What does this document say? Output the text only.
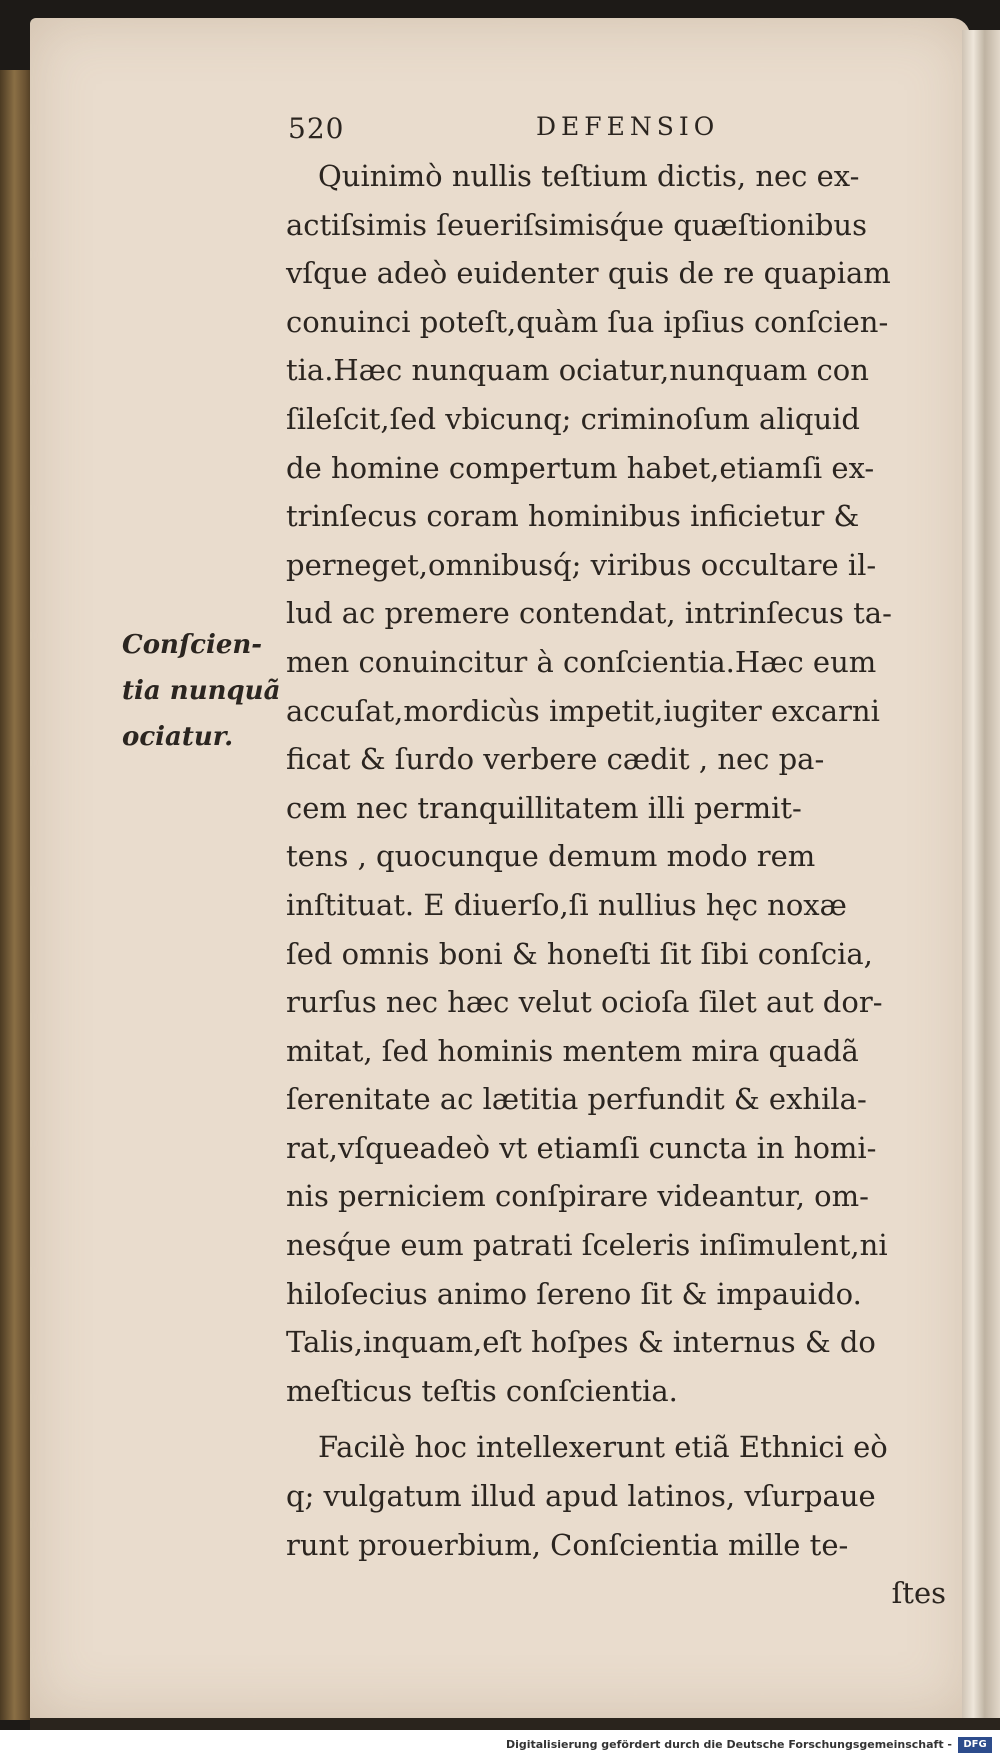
520	DEFENSIO
Conſcien-
tia nunquã
ociatur.
Quinimò nullis teſtium dictis, nec ex-
actiſsimis ſeueriſsimisq́ue quæſtionibus
vſque adeò euidenter quis de re quapiam
conuinci poteſt,quàm ſua ipſius conſcien-
tia.Hæc nunquam ociatur,nunquam con
ſileſcit,ſed vbicunq; criminoſum aliquid
de homine compertum habet,etiamſi ex-
trinſecus coram hominibus inficietur &
perneget,omnibusq́; viribus occultare il-
lud ac premere contendat, intrinſecus ta-
men conuincitur à conſcientia.Hæc eum
accuſat,mordicùs impetit,iugiter excarni
ficat & ſurdo verbere cædit , nec pa-
cem nec tranquillitatem illi permit-
tens , quocunque demum modo rem
inſtituat. E diuerſo,ſi nullius hęc noxæ
ſed omnis boni & honeſti ſit ſibi conſcia,
rurſus nec hæc velut ocioſa ſilet aut dor-
mitat, ſed hominis mentem mira quadã
ſerenitate ac lætitia perfundit & exhila-
rat,vſqueadeò vt etiamſi cuncta in homi-
nis perniciem conſpirare videantur, om-
nesq́ue eum patrati ſceleris inſimulent,ni
hiloſecius animo ſereno ſit & impauido.
Talis,inquam,eſt hoſpes & internus & do
meſticus teſtis conſcientia.
Facilè hoc intellexerunt etiã Ethnici eò
q; vulgatum illud apud latinos, vſurpaue
runt prouerbium, Conſcientia mille te-
ſtes
Digitalisierung gefördert durch die Deutsche Forschungsgemeinschaft -	DFG
